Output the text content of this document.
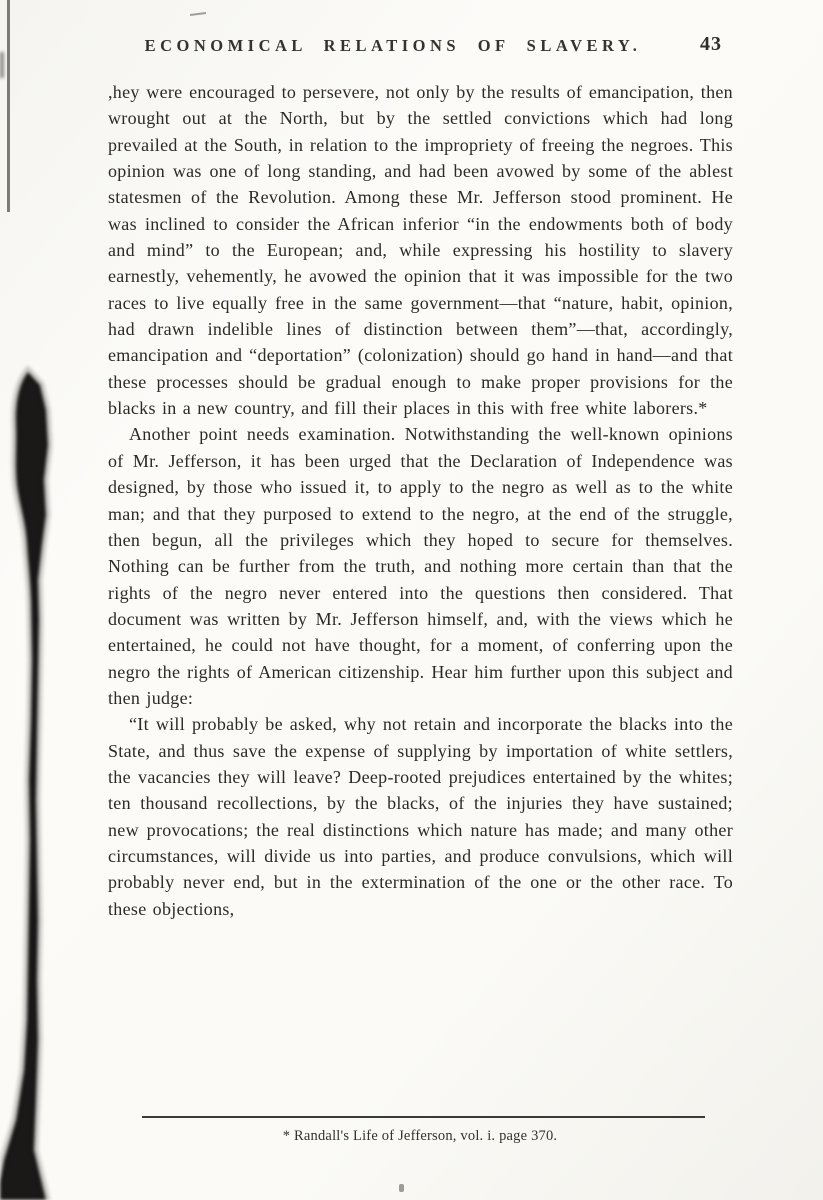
ECONOMICAL RELATIONS OF SLAVERY.	43

,hey were encouraged to persevere, not only by the results of emancipation, then wrought out at the North, but by the settled convictions which had long prevailed at the South, in relation to the impropriety of freeing the negroes. This opinion was one of long standing, and had been avowed by some of the ablest statesmen of the Revolution. Among these Mr. Jefferson stood prominent. He was inclined to consider the African inferior “in the endowments both of body and mind” to the European; and, while expressing his hostility to slavery earnestly, vehemently, he avowed the opinion that it was impossible for the two races to live equally free in the same government—that “nature, habit, opinion, had drawn indelible lines of distinction between them”—that, accordingly, emancipation and “deportation” (colonization) should go hand in hand—and that these processes should be gradual enough to make proper provisions for the blacks in a new country, and fill their places in this with free white laborers.*

Another point needs examination. Notwithstanding the well-known opinions of Mr. Jefferson, it has been urged that the Declaration of Independence was designed, by those who issued it, to apply to the negro as well as to the white man; and that they purposed to extend to the negro, at the end of the struggle, then begun, all the privileges which they hoped to secure for themselves. Nothing can be further from the truth, and nothing more certain than that the rights of the negro never entered into the questions then considered. That document was written by Mr. Jefferson himself, and, with the views which he entertained, he could not have thought, for a moment, of conferring upon the negro the rights of American citizenship. Hear him further upon this subject and then judge:

“It will probably be asked, why not retain and incorporate the blacks into the State, and thus save the expense of supplying by importation of white settlers, the vacancies they will leave? Deep-rooted prejudices entertained by the whites; ten thousand recollections, by the blacks, of the injuries they have sustained; new provocations; the real distinctions which nature has made; and many other circumstances, will divide us into parties, and produce convulsions, which will probably never end, but in the extermination of the one or the other race. To these objections,

* Randall's Life of Jefferson, vol. i. page 370.
